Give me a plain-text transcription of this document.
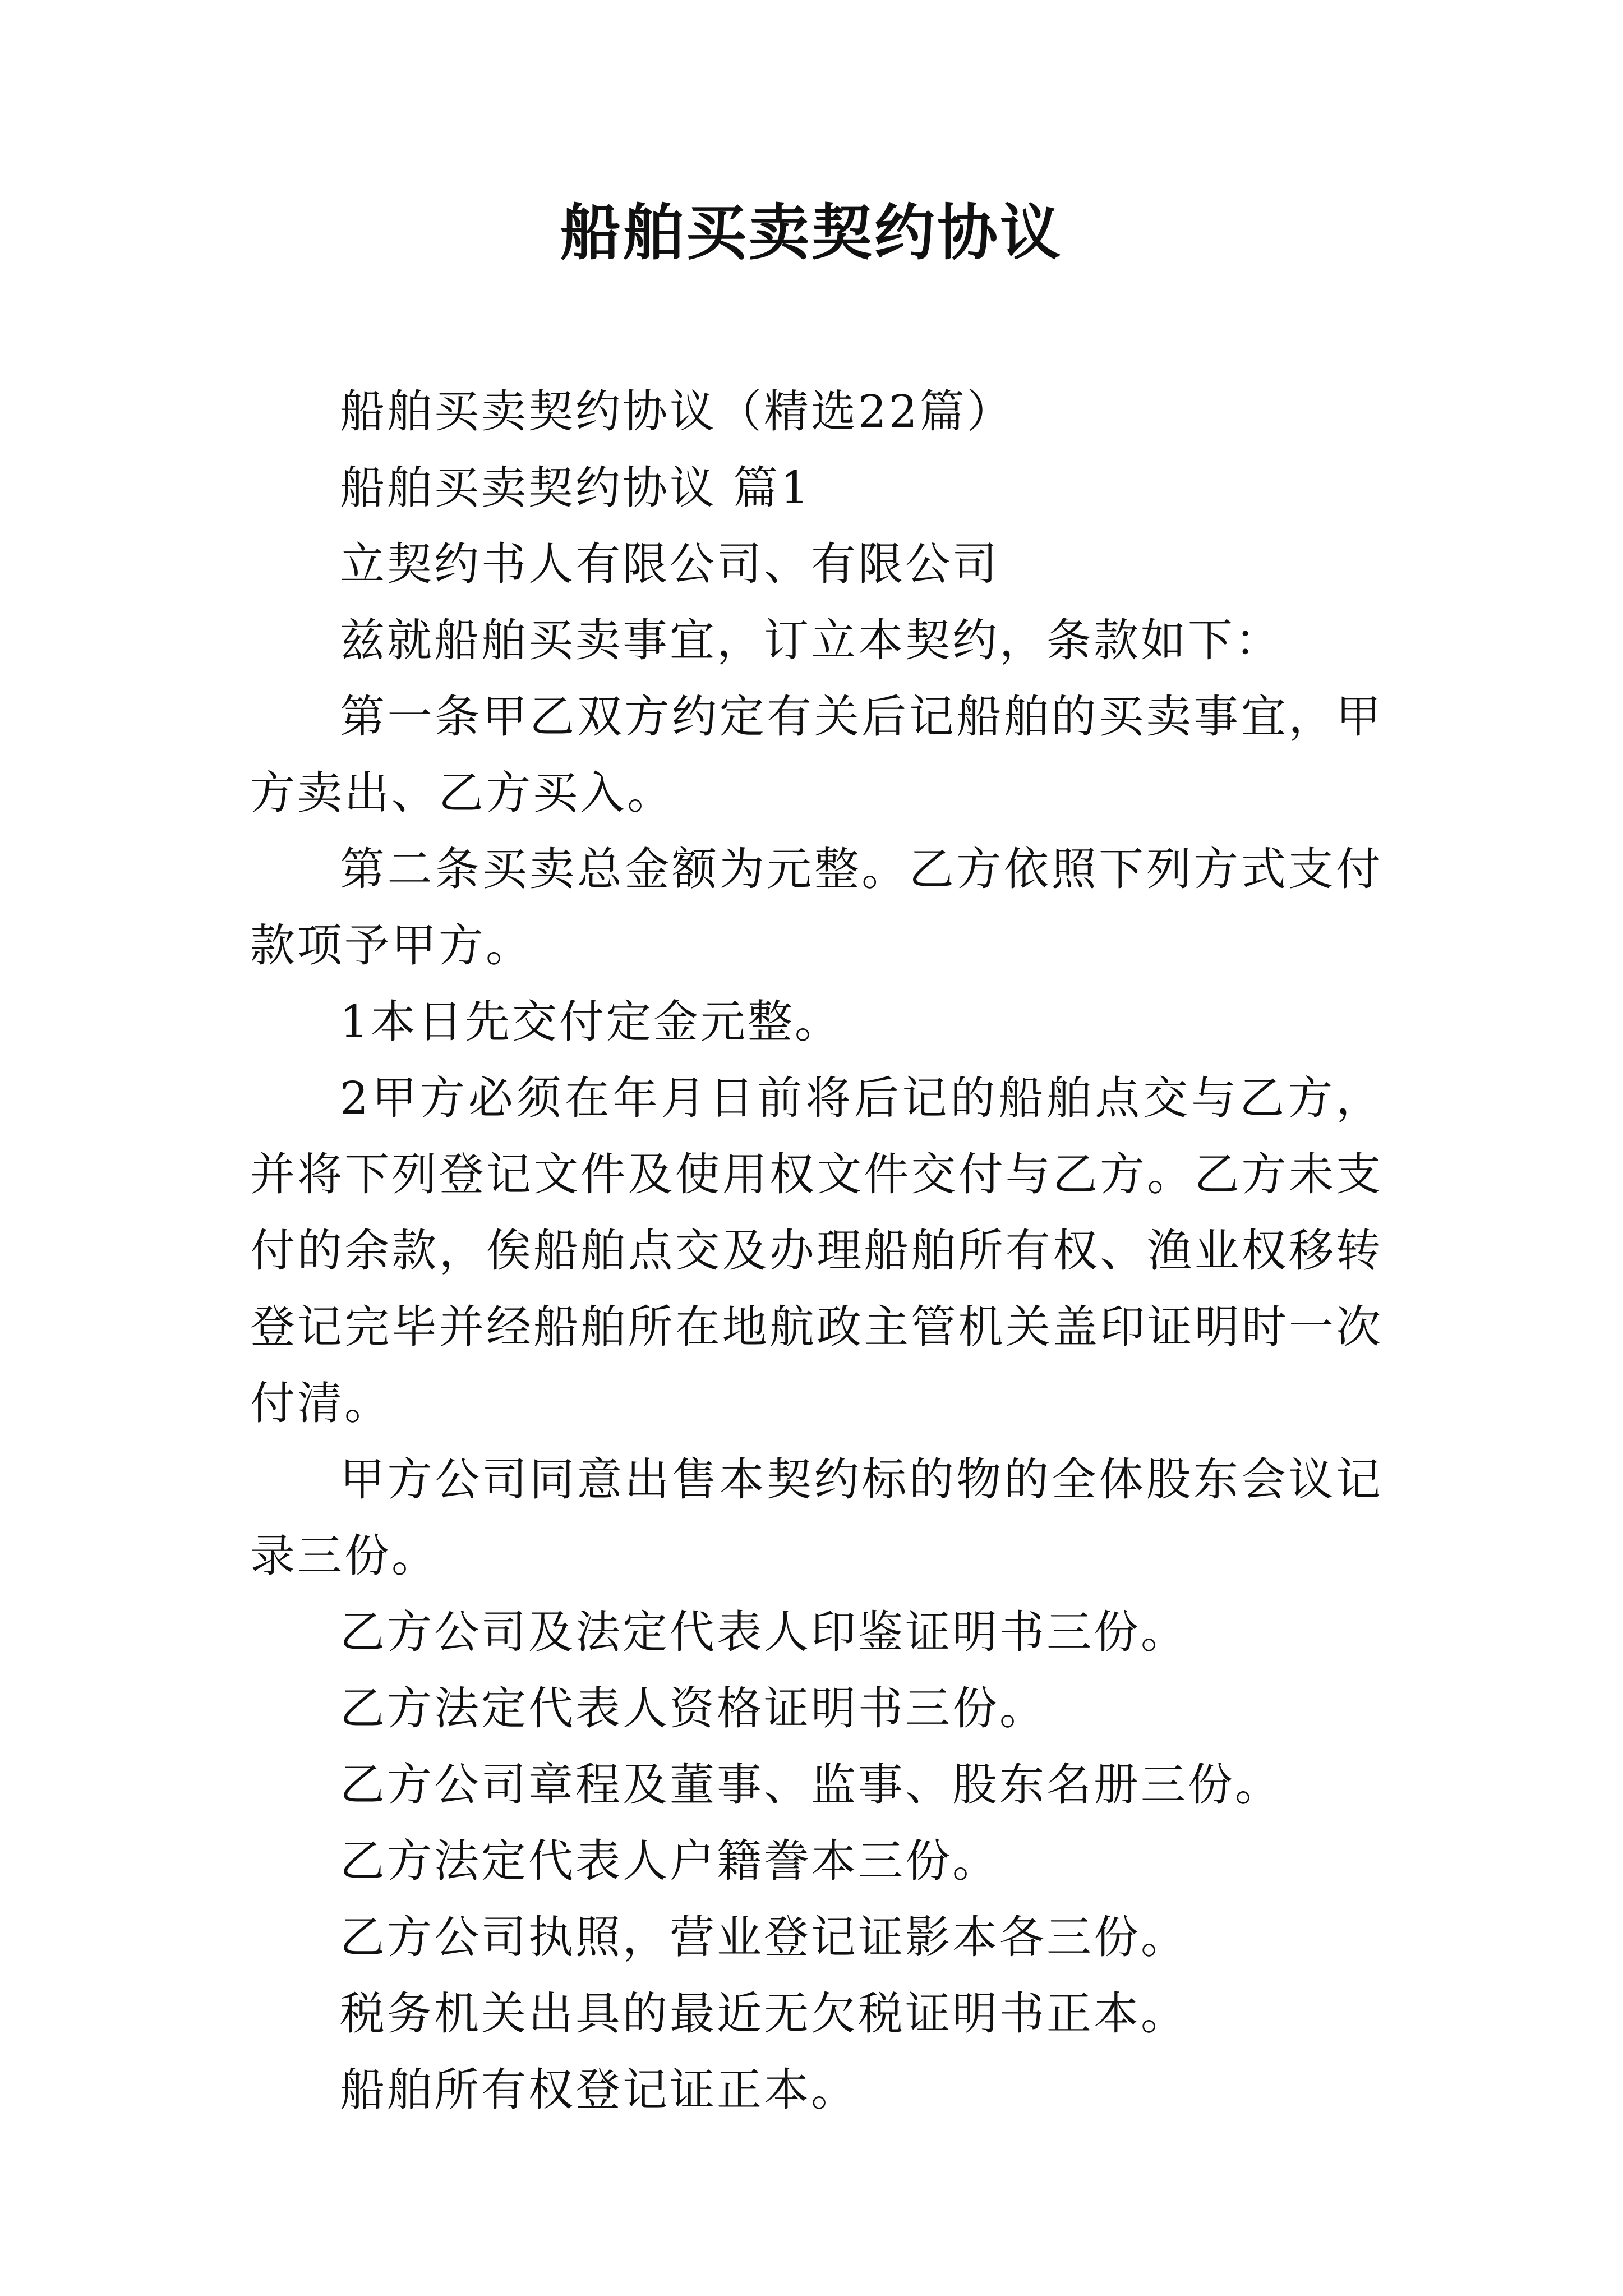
船舶买卖契约协议

船舶买卖契约协议（精选22篇）

船舶买卖契约协议 篇1

立契约书人有限公司、有限公司

兹就船舶买卖事宜，订立本契约，条款如下：

第一条甲乙双方约定有关后记船舶的买卖事宜，甲方卖出、乙方买入。

第二条买卖总金额为元整。乙方依照下列方式支付款项予甲方。

1本日先交付定金元整。

2甲方必须在年月日前将后记的船舶点交与乙方，并将下列登记文件及使用权文件交付与乙方。乙方未支付的余款，俟船舶点交及办理船舶所有权、渔业权移转登记完毕并经船舶所在地航政主管机关盖印证明时一次付清。

甲方公司同意出售本契约标的物的全体股东会议记录三份。

乙方公司及法定代表人印鉴证明书三份。

乙方法定代表人资格证明书三份。

乙方公司章程及董事、监事、股东名册三份。

乙方法定代表人户籍誊本三份。

乙方公司执照，营业登记证影本各三份。

税务机关出具的最近无欠税证明书正本。

船舶所有权登记证正本。
